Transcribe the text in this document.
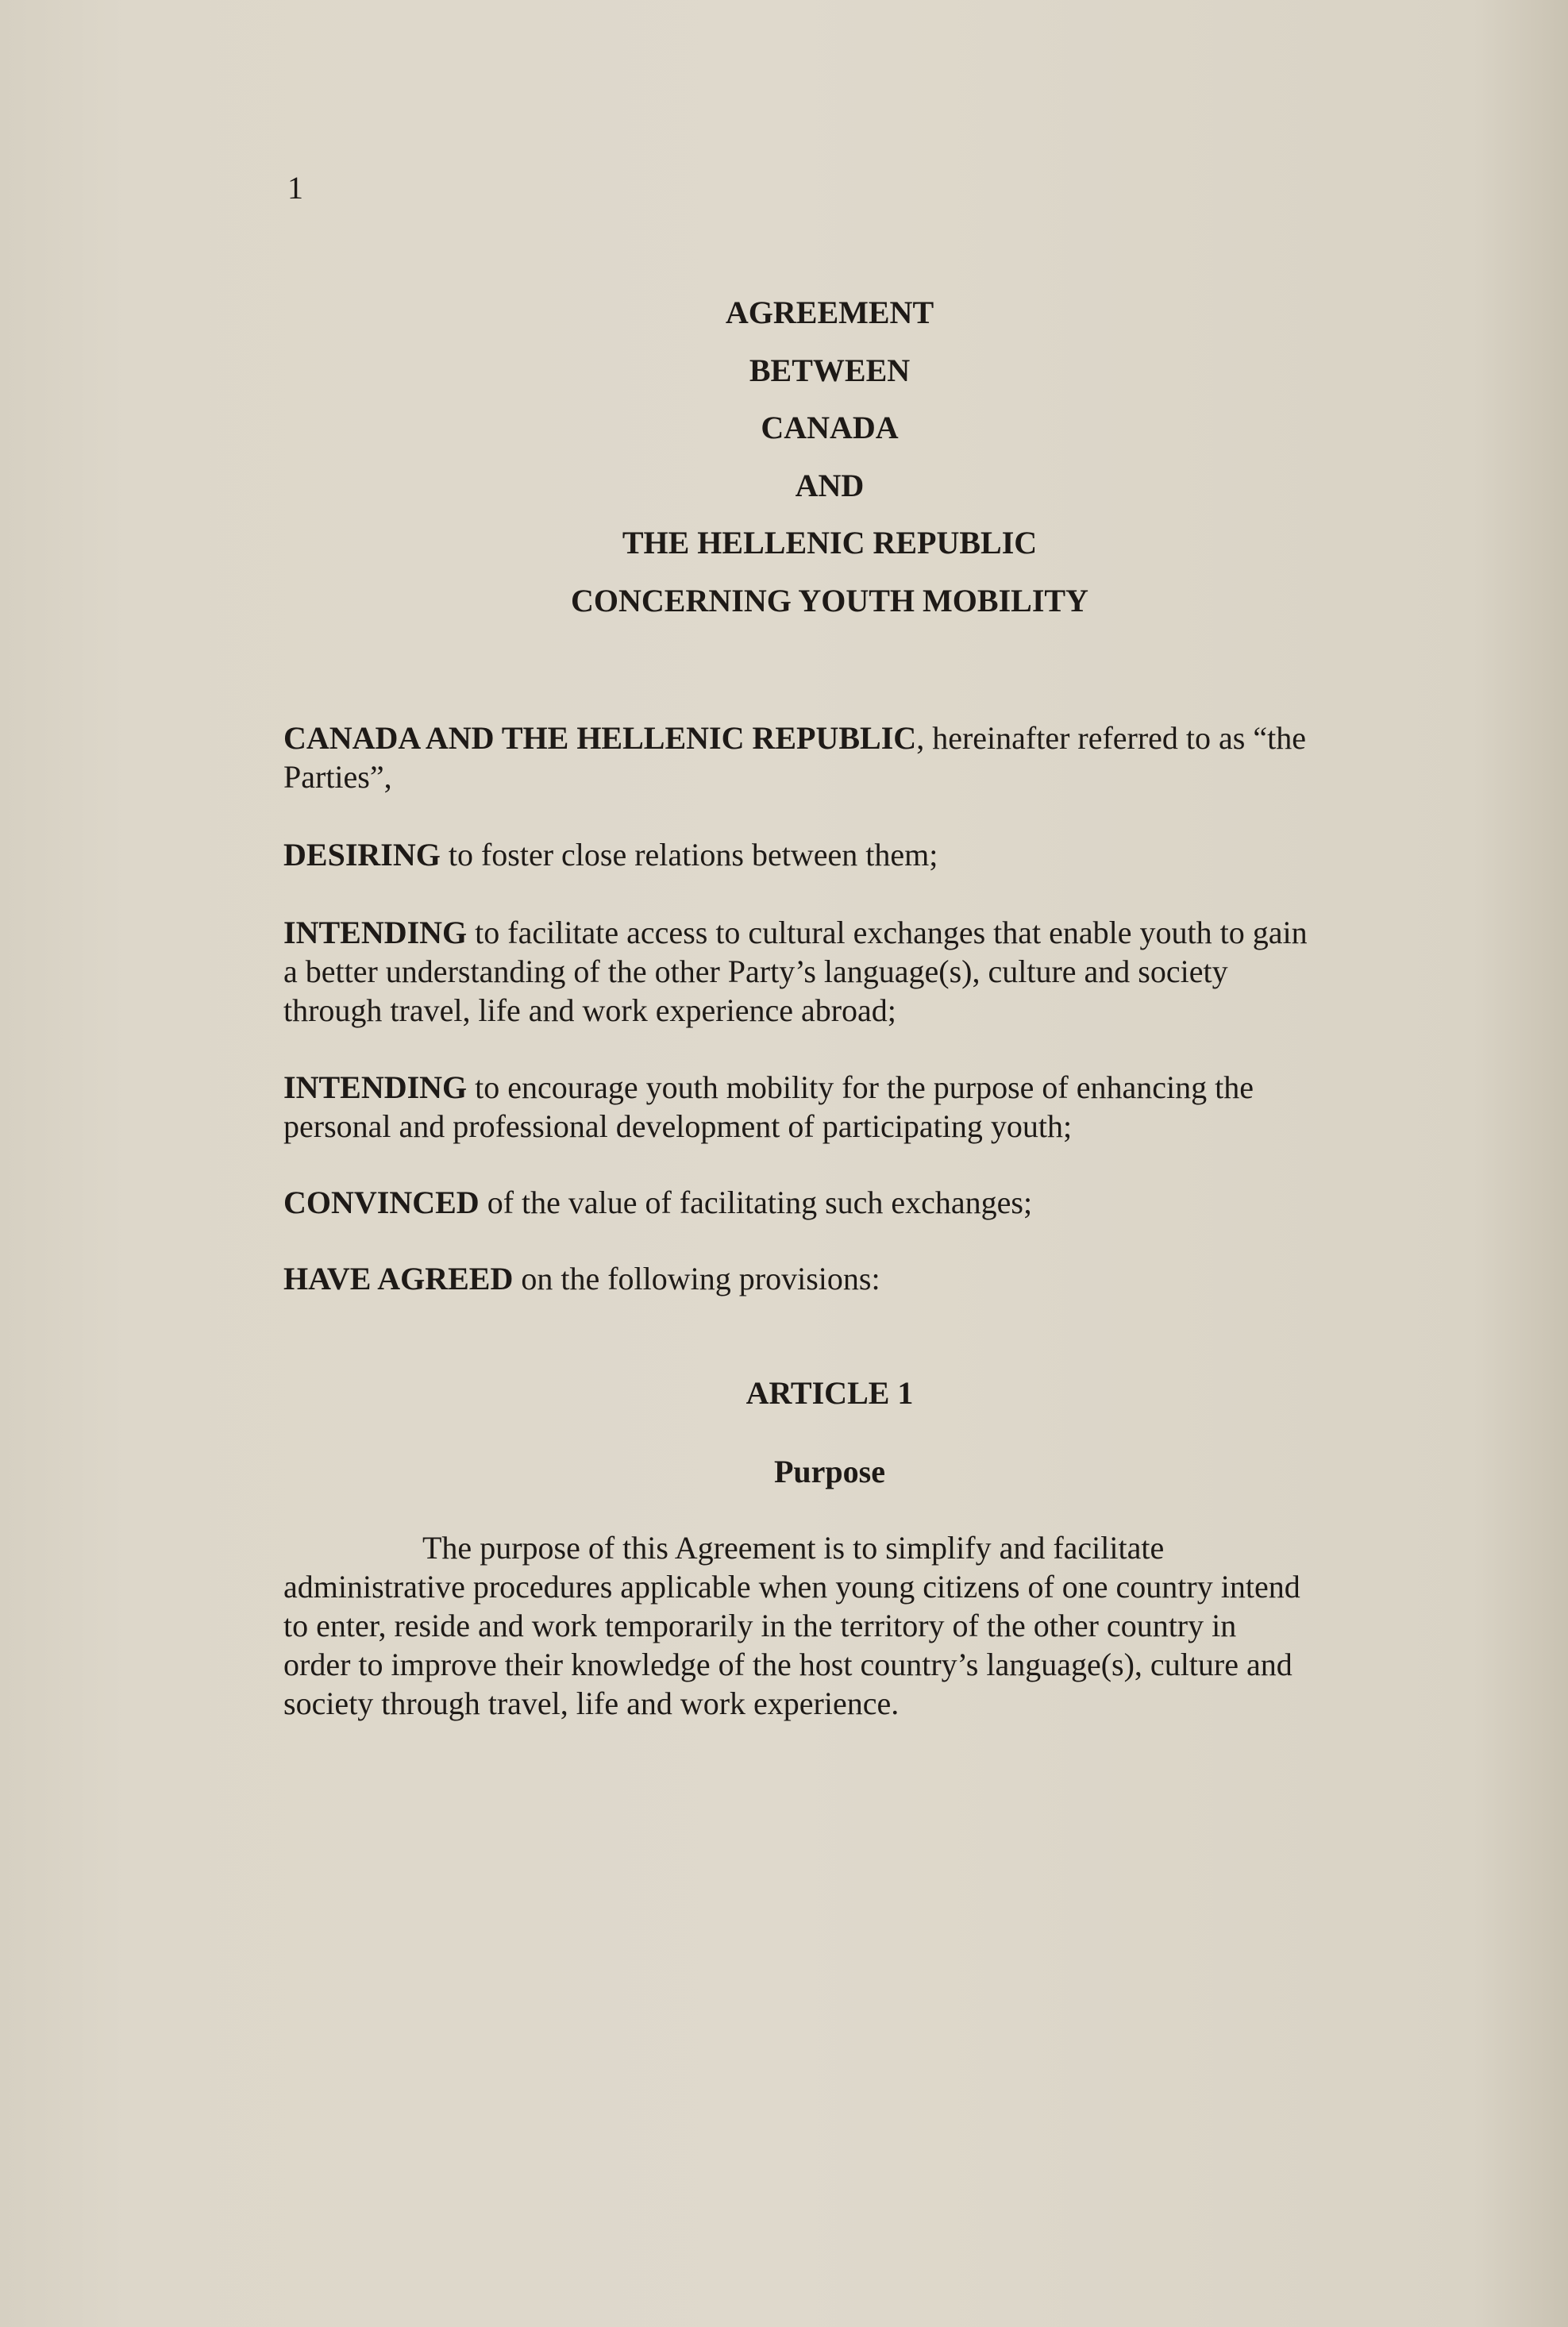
1
AGREEMENT
BETWEEN
CANADA
AND
THE HELLENIC REPUBLIC
CONCERNING YOUTH MOBILITY
CANADA AND THE HELLENIC REPUBLIC, hereinafter referred to as “the
Parties”,
DESIRING to foster close relations between them;
INTENDING to facilitate access to cultural exchanges that enable youth to gain
a better understanding of the other Party’s language(s), culture and society
through travel, life and work experience abroad;
INTENDING to encourage youth mobility for the purpose of enhancing the
personal and professional development of participating youth;
CONVINCED of the value of facilitating such exchanges;
HAVE AGREED on the following provisions:
ARTICLE 1
Purpose
The purpose of this Agreement is to simplify and facilitate
administrative procedures applicable when young citizens of one country intend
to enter, reside and work temporarily in the territory of the other country in
order to improve their knowledge of the host country’s language(s), culture and
society through travel, life and work experience.
